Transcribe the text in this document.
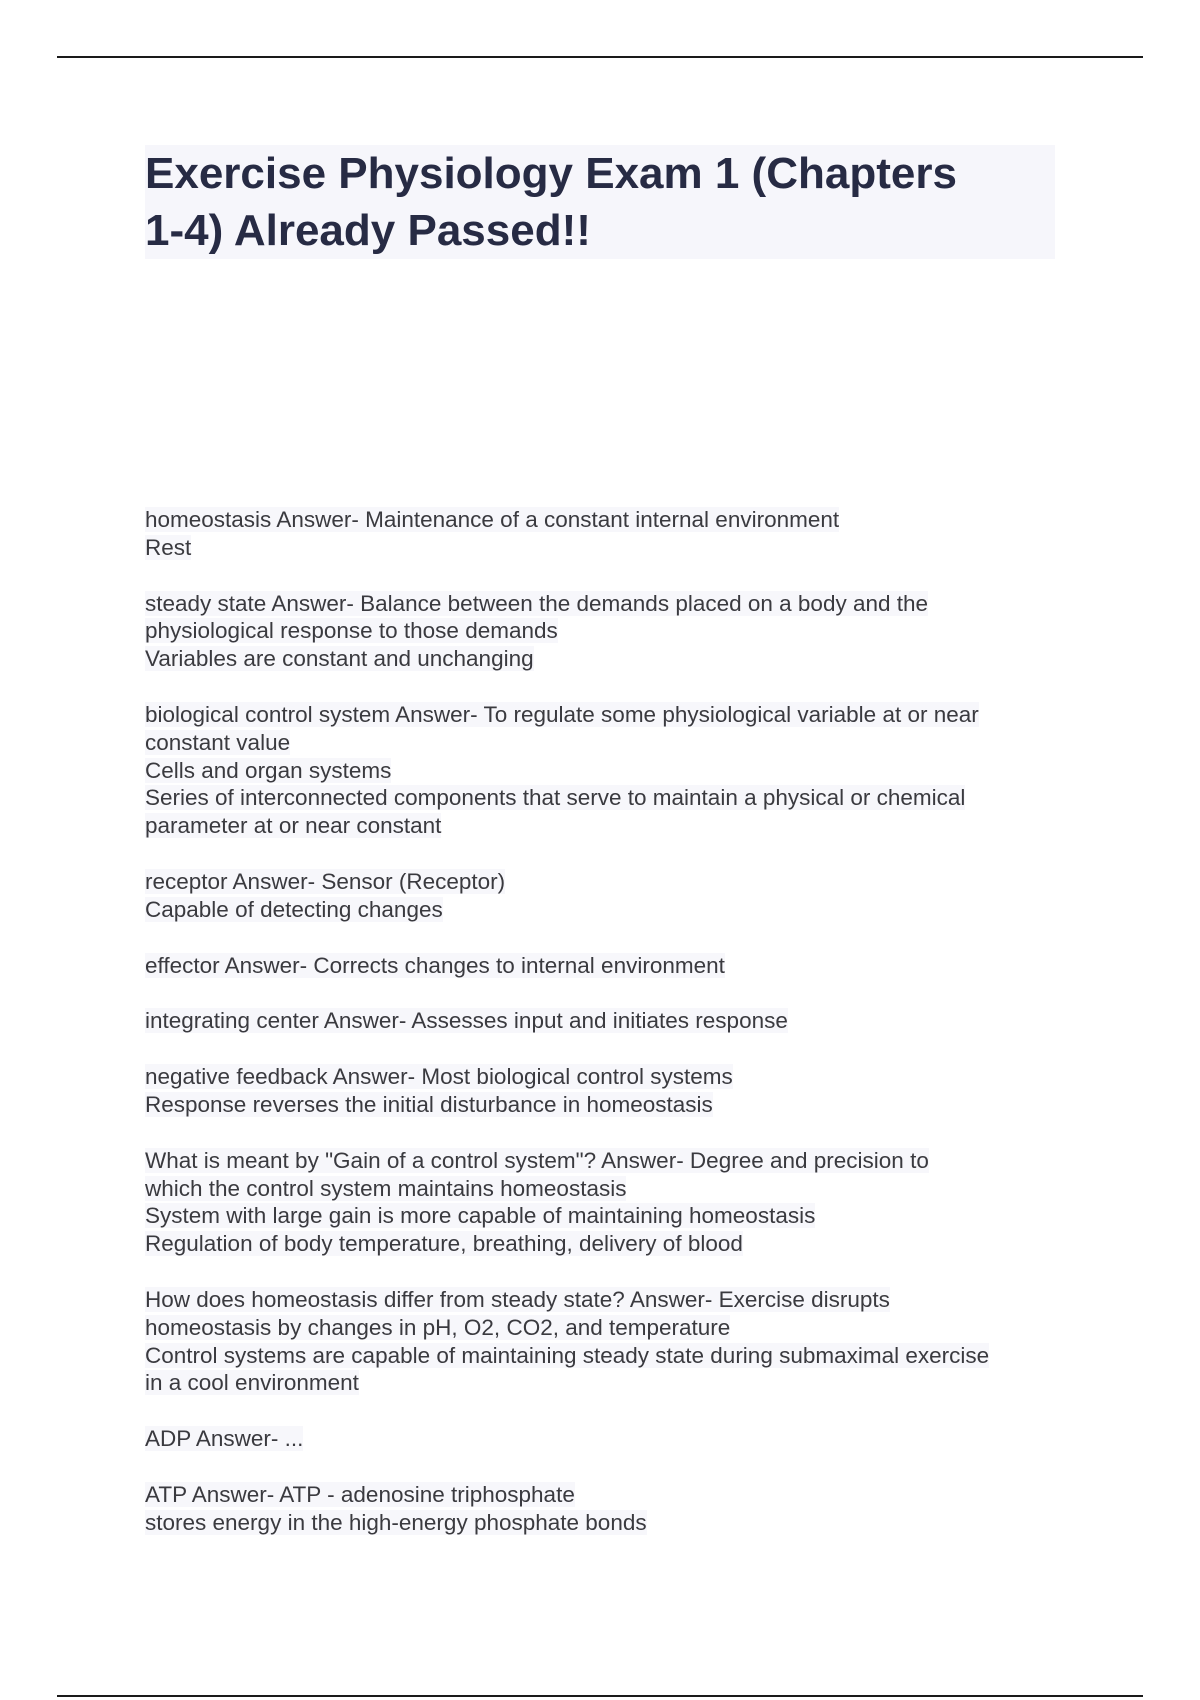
Exercise Physiology Exam 1 (Chapters
1-4) Already Passed!!
homeostasis Answer- Maintenance of a constant internal environment
Rest
steady state Answer- Balance between the demands placed on a body and the
physiological response to those demands
Variables are constant and unchanging
biological control system Answer- To regulate some physiological variable at or near
constant value
Cells and organ systems
Series of interconnected components that serve to maintain a physical or chemical
parameter at or near constant
receptor Answer- Sensor (Receptor)
Capable of detecting changes
effector Answer- Corrects changes to internal environment
integrating center Answer- Assesses input and initiates response
negative feedback Answer- Most biological control systems
Response reverses the initial disturbance in homeostasis
What is meant by "Gain of a control system"? Answer- Degree and precision to
which the control system maintains homeostasis
System with large gain is more capable of maintaining homeostasis
Regulation of body temperature, breathing, delivery of blood
How does homeostasis differ from steady state? Answer- Exercise disrupts
homeostasis by changes in pH, O2, CO2, and temperature
Control systems are capable of maintaining steady state during submaximal exercise
in a cool environment
ADP Answer- ...
ATP Answer- ATP - adenosine triphosphate
stores energy in the high-energy phosphate bonds
